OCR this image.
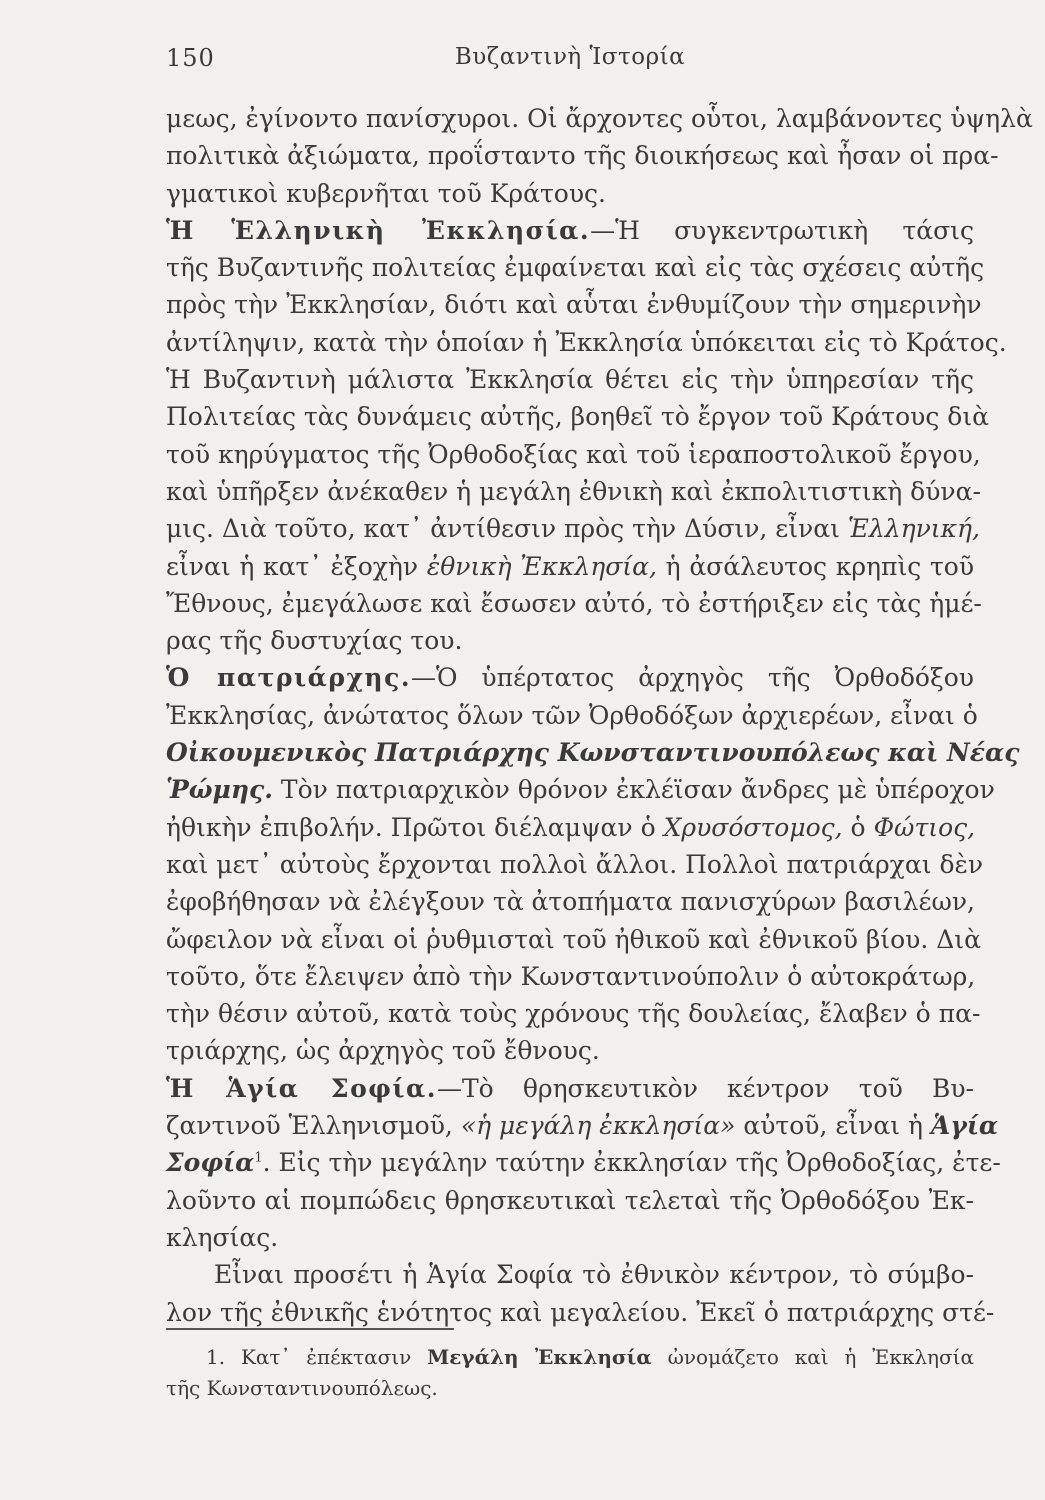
150	Βυζαντινὴ Ἱστορία
μεως, ἐγίνοντο πανίσχυροι. Οἱ ἄρχοντες οὗτοι, λαμβάνοντες ὑψηλὰ
πολιτικὰ ἀξιώματα, προΐσταντο τῆς διοικήσεως καὶ ἦσαν οἱ πρα-
γματικοὶ κυβερνῆται τοῦ Κράτους.
Ἡ Ἑλληνικὴ Ἐκκλησία.—Ἡ συγκεντρωτικὴ τάσις
τῆς Βυζαντινῆς πολιτείας ἐμφαίνεται καὶ εἰς τὰς σχέσεις αὐτῆς
πρὸς τὴν Ἐκκλησίαν, διότι καὶ αὗται ἐνθυμίζουν τὴν σημερινὴν
ἀντίληψιν, κατὰ τὴν ὁποίαν ἡ Ἐκκλησία ὑπόκειται εἰς τὸ Κράτος.
Ἡ Βυζαντινὴ μάλιστα Ἐκκλησία θέτει εἰς τὴν ὑπηρεσίαν τῆς
Πολιτείας τὰς δυνάμεις αὐτῆς, βοηθεῖ τὸ ἔργον τοῦ Κράτους διὰ
τοῦ κηρύγματος τῆς Ὀρθοδοξίας καὶ τοῦ ἱεραποστολικοῦ ἔργου,
καὶ ὑπῆρξεν ἀνέκαθεν ἡ μεγάλη ἐθνικὴ καὶ ἐκπολιτιστικὴ δύνα-
μις. Διὰ τοῦτο, κατ᾿ ἀντίθεσιν πρὸς τὴν Δύσιν, εἶναι Ἑλληνική,
εἶναι ἡ κατ᾿ ἐξοχὴν ἐθνικὴ Ἐκκλησία, ἡ ἀσάλευτος κρηπὶς τοῦ
Ἔθνους, ἐμεγάλωσε καὶ ἔσωσεν αὐτό, τὸ ἐστήριξεν εἰς τὰς ἡμέ-
ρας τῆς δυστυχίας του.
Ὁ πατριάρχης.—Ὁ ὑπέρτατος ἀρχηγὸς τῆς Ὀρθοδόξου
Ἐκκλησίας, ἀνώτατος ὅλων τῶν Ὀρθοδόξων ἀρχιερέων, εἶναι ὁ
Οἰκουμενικὸς Πατριάρχης Κωνσταντινουπόλεως καὶ Νέας
Ῥώμης. Τὸν πατριαρχικὸν θρόνον ἐκλέϊσαν ἄνδρες μὲ ὑπέροχον
ἠθικὴν ἐπιβολήν. Πρῶτοι διέλαμψαν ὁ Χρυσόστομος, ὁ Φώτιος,
καὶ μετ᾿ αὐτοὺς ἔρχονται πολλοὶ ἄλλοι. Πολλοὶ πατριάρχαι δὲν
ἐφοβήθησαν νὰ ἐλέγξουν τὰ ἀτοπήματα πανισχύρων βασιλέων,
ὤφειλον νὰ εἶναι οἱ ῥυθμισταὶ τοῦ ἠθικοῦ καὶ ἐθνικοῦ βίου. Διὰ
τοῦτο, ὅτε ἔλειψεν ἀπὸ τὴν Κωνσταντινούπολιν ὁ αὐτοκράτωρ,
τὴν θέσιν αὐτοῦ, κατὰ τοὺς χρόνους τῆς δουλείας, ἔλαβεν ὁ πα-
τριάρχης, ὡς ἀρχηγὸς τοῦ ἔθνους.
Ἡ Ἁγία Σοφία.—Τὸ θρησκευτικὸν κέντρον τοῦ Βυ-
ζαντινοῦ Ἑλληνισμοῦ, «ἡ μεγάλη ἐκκλησία» αὐτοῦ, εἶναι ἡ Ἁγία
Σοφία$^1$. Εἰς τὴν μεγάλην ταύτην ἐκκλησίαν τῆς Ὀρθοδοξίας, ἐτε-
λοῦντο αἱ πομπώδεις θρησκευτικαὶ τελεταὶ τῆς Ὀρθοδόξου Ἐκ-
κλησίας.
Εἶναι προσέτι ἡ Ἁγία Σοφία τὸ ἐθνικὸν κέντρον, τὸ σύμβο-
λον τῆς ἐθνικῆς ἑνότητος καὶ μεγαλείου. Ἐκεῖ ὁ πατριάρχης στέ-
1. Κατ᾿ ἐπέκτασιν Μεγάλη Ἐκκλησία ὠνομάζετο καὶ ἡ Ἐκκλησία
τῆς Κωνσταντινουπόλεως.
